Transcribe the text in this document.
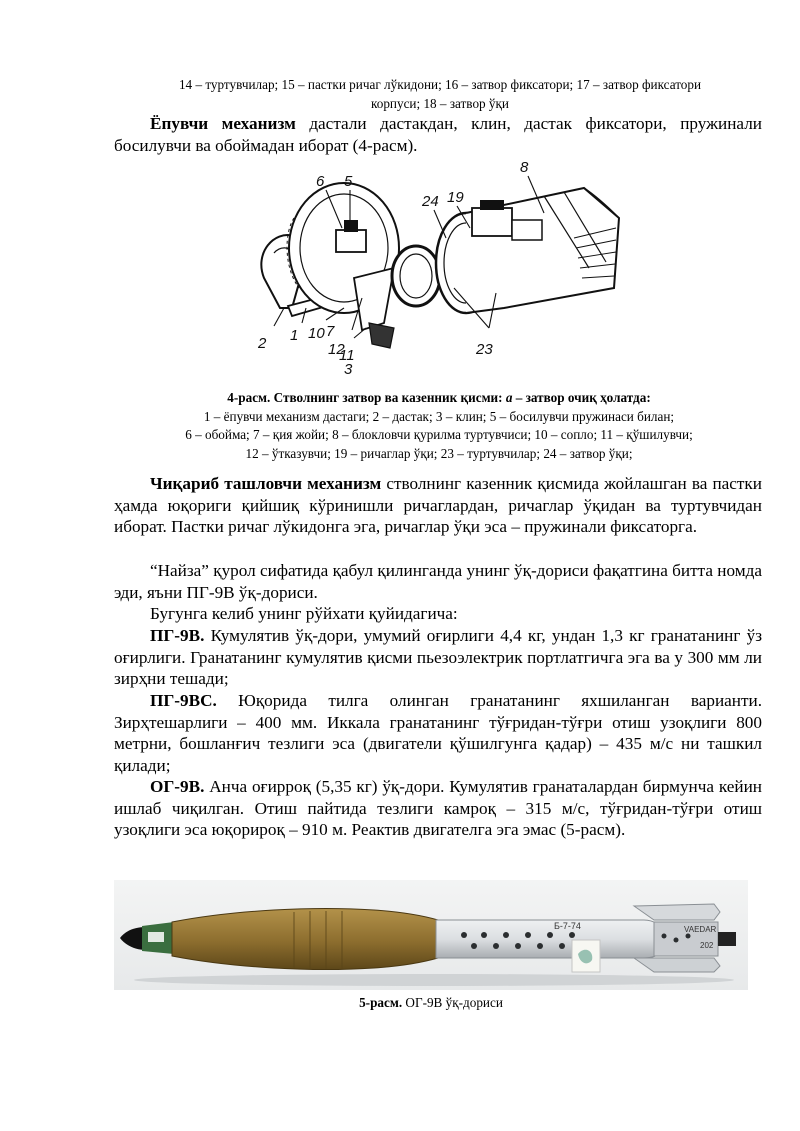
14 – туртувчилар; 15 – пастки ричаг лўкидони; 16 – затвор фиксатори; 17 – затвор фиксатори
корпуси; 18 – затвор ўқи
Ёпувчи механизм дастали дастакдан, клин, дастак фиксатори, пружинали босилувчи ва обоймадан иборат (4-расм).
6 5
8
24 19
2 1 10 7
12
11
3
23
4-расм. Стволнинг затвор ва казенник қисми: а – затвор очиқ ҳолатда:
1 – ёпувчи механизм дастаги; 2 – дастак; 3 – клин; 5 – босилувчи пружинаси билан;
6 – обойма; 7 – қия жойи; 8 – блокловчи қурилма туртувчиси; 10 – сопло; 11 – қўшилувчи;
12 – ўтказувчи; 19 – ричаглар ўқи; 23 – туртувчилар; 24 – затвор ўқи;
Чиқариб ташловчи механизм стволнинг казенник қисмида жойлашган ва пастки ҳамда юқориги қийшиқ кўринишли ричаглардан, ричаглар ўқидан ва туртувчидан иборат. Пастки ричаг лўкидонга эга, ричаглар ўқи эса – пружинали фиксаторга.
“Найза” қурол сифатида қабул қилинганда унинг ўқ-дориси фақатгина битта номда эди, яъни ПГ-9В ўқ-дориси.
Бугунга келиб унинг рўйхати қуйидагича:
ПГ-9В. Кумулятив ўқ-дори, умумий оғирлиги 4,4 кг, ундан 1,3 кг гранатанинг ўз оғирлиги. Гранатанинг кумулятив қисми пьезоэлектрик портлатгичга эга ва у 300 мм ли зирҳни тешади;
ПГ-9ВС. Юқорида тилга олинган гранатанинг яхшиланган варианти. Зирҳтешарлиги – 400 мм. Иккала гранатанинг тўғридан-тўғри отиш узоқлиги 800 метрни, бошланғич тезлиги эса (двигатели қўшилгунга қадар) – 435 м/с ни ташкил қилади;
ОГ-9В. Анча оғирроқ (5,35 кг) ўқ-дори. Кумулятив гранаталардан бирмунча кейин ишлаб чиқилган. Отиш пайтида тезлиги камроқ – 315 м/с, тўғридан-тўғри отиш узоқлиги эса юқорироқ – 910 м. Реактив двигателга эга эмас (5-расм).
Б-7-74	VAEDAR
202
5-расм. ОГ-9В ўқ-дориси
